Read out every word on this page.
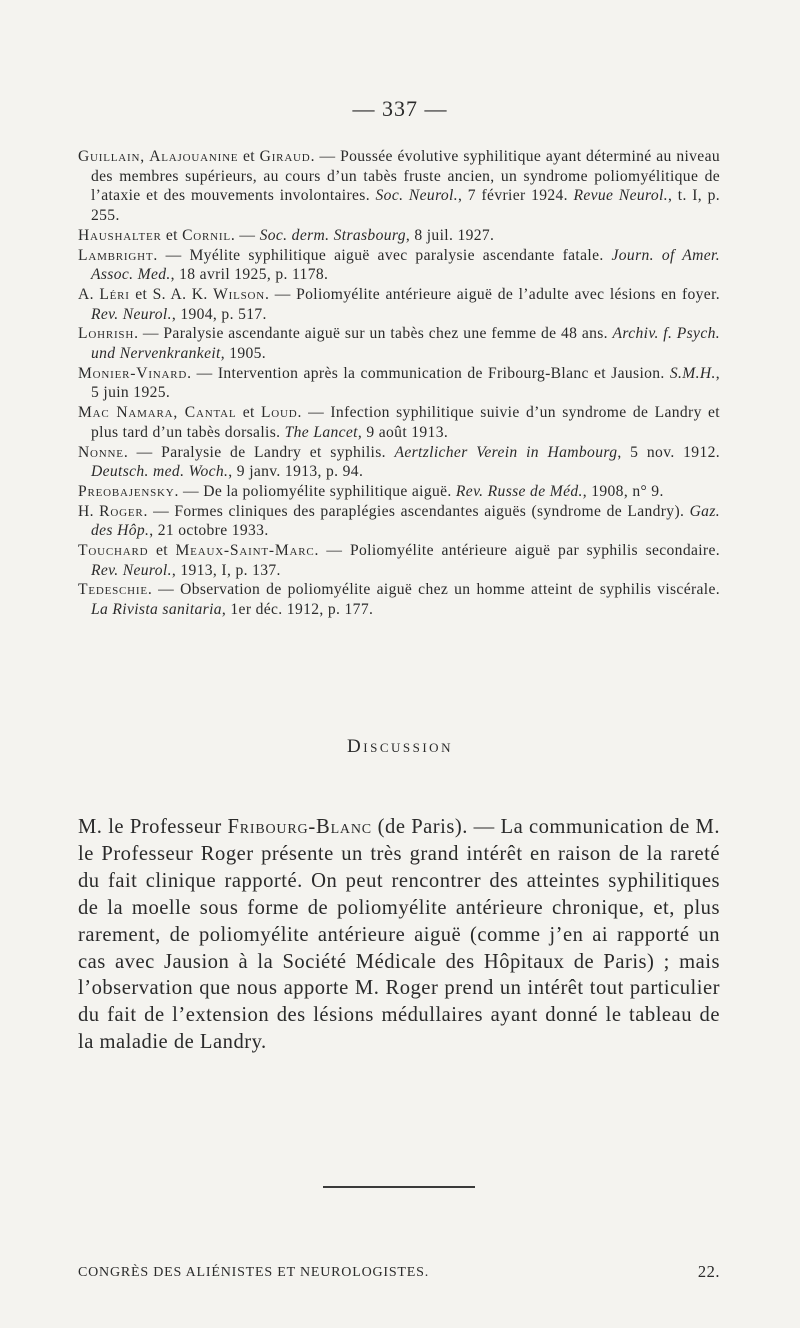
— 337 —

Guillain, Alajouanine et Giraud. — Poussée évolutive syphilitique ayant déterminé au niveau des membres supérieurs, au cours d’un tabès fruste ancien, un syndrome poliomyélitique de l’ataxie et des mouvements involontaires. Soc. Neurol., 7 février 1924. Revue Neurol., t. I, p. 255.

Haushalter et Cornil. — Soc. derm. Strasbourg, 8 juil. 1927.

Lambright. — Myélite syphilitique aiguë avec paralysie ascendante fatale. Journ. of Amer. Assoc. Med., 18 avril 1925, p. 1178.

A. Léri et S. A. K. Wilson. — Poliomyélite antérieure aiguë de l’adulte avec lésions en foyer. Rev. Neurol., 1904, p. 517.

Lohrish. — Paralysie ascendante aiguë sur un tabès chez une femme de 48 ans. Archiv. f. Psych. und Nervenkrankeit, 1905.

Monier-Vinard. — Intervention après la communication de Fribourg-Blanc et Jausion. S.M.H., 5 juin 1925.

Mac Namara, Cantal et Loud. — Infection syphilitique suivie d’un syndrome de Landry et plus tard d’un tabès dorsalis. The Lancet, 9 août 1913.

Nonne. — Paralysie de Landry et syphilis. Aertzlicher Verein in Hambourg, 5 nov. 1912. Deutsch. med. Woch., 9 janv. 1913, p. 94.

Preobajensky. — De la poliomyélite syphilitique aiguë. Rev. Russe de Méd., 1908, n° 9.

H. Roger. — Formes cliniques des paraplégies ascendantes aiguës (syndrome de Landry). Gaz. des Hôp., 21 octobre 1933.

Touchard et Meaux-Saint-Marc. — Poliomyélite antérieure aiguë par syphilis secondaire. Rev. Neurol., 1913, I, p. 137.

Tedeschie. — Observation de poliomyélite aiguë chez un homme atteint de syphilis viscérale. La Rivista sanitaria, 1er déc. 1912, p. 177.

Discussion

M. le Professeur Fribourg-Blanc (de Paris). — La communication de M. le Professeur Roger présente un très grand intérêt en raison de la rareté du fait clinique rapporté. On peut rencontrer des atteintes syphilitiques de la moelle sous forme de poliomyélite antérieure chronique, et, plus rarement, de poliomyélite antérieure aiguë (comme j’en ai rapporté un cas avec Jausion à la Société Médicale des Hôpitaux de Paris) ; mais l’observation que nous apporte M. Roger prend un intérêt tout particulier du fait de l’extension des lésions médullaires ayant donné le tableau de la maladie de Landry.

CONGRÈS DES ALIÉNISTES ET NEUROLOGISTES.	22.
